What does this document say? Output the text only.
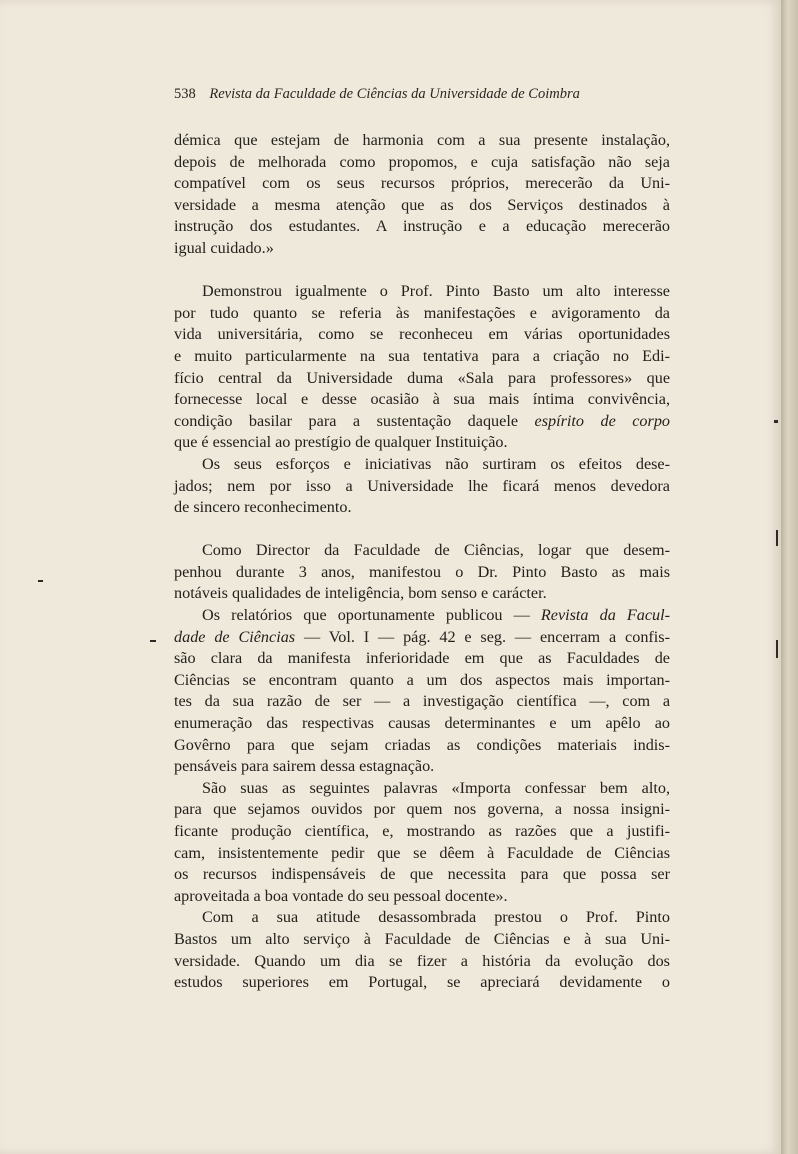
538 Revista da Faculdade de Ciências da Universidade de Coimbra
démica que estejam de harmonia com a sua presente instalação,
depois de melhorada como propomos, e cuja satisfação não seja
compatível com os seus recursos próprios, merecerão da Uni-
versidade a mesma atenção que as dos Serviços destinados à
instrução dos estudantes. A instrução e a educação merecerão
igual cuidado.»
Demonstrou igualmente o Prof. Pinto Basto um alto interesse
por tudo quanto se referia às manifestações e avigoramento da
vida universitária, como se reconheceu em várias oportunidades
e muito particularmente na sua tentativa para a criação no Edi-
fício central da Universidade duma «Sala para professores» que
fornecesse local e desse ocasião à sua mais íntima convivência,
condição basilar para a sustentação daquele espírito de corpo
que é essencial ao prestígio de qualquer Instituição.
Os seus esforços e iniciativas não surtiram os efeitos dese-
jados; nem por isso a Universidade lhe ficará menos devedora
de sincero reconhecimento.
Como Director da Faculdade de Ciências, logar que desem-
penhou durante 3 anos, manifestou o Dr. Pinto Basto as mais
notáveis qualidades de inteligência, bom senso e carácter.
Os relatórios que oportunamente publicou — Revista da Facul-
dade de Ciências — Vol. I — pág. 42 e seg. — encerram a confis-
são clara da manifesta inferioridade em que as Faculdades de
Ciências se encontram quanto a um dos aspectos mais importan-
tes da sua razão de ser — a investigação científica —, com a
enumeração das respectivas causas determinantes e um apêlo ao
Govêrno para que sejam criadas as condições materiais indis-
pensáveis para sairem dessa estagnação.
São suas as seguintes palavras «Importa confessar bem alto,
para que sejamos ouvidos por quem nos governa, a nossa insigni-
ficante produção científica, e, mostrando as razões que a justifi-
cam, insistentemente pedir que se dêem à Faculdade de Ciências
os recursos indispensáveis de que necessita para que possa ser
aproveitada a boa vontade do seu pessoal docente».
Com a sua atitude desassombrada prestou o Prof. Pinto
Bastos um alto serviço à Faculdade de Ciências e à sua Uni-
versidade. Quando um dia se fizer a história da evolução dos
estudos superiores em Portugal, se apreciará devidamente o
